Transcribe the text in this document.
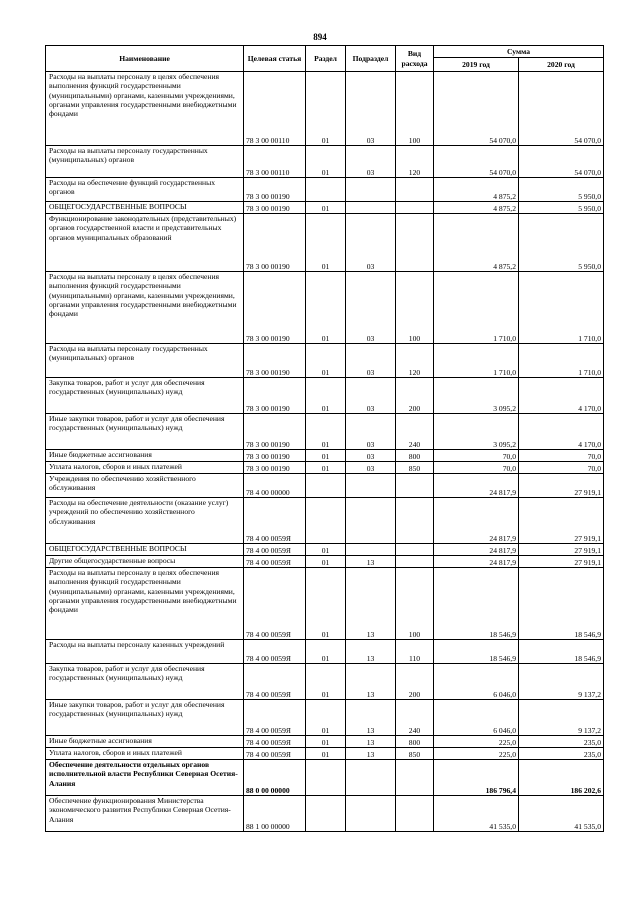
894
Наименование	Целевая статья	Раздел	Подраздел	Вид расхода	Сумма	
					2019 год	2020 год
Расходы на выплаты персоналу в целях обеспечения выполнения функций государственными (муниципальными) органами, казенными учреждениями, органами управления государственными внебюджетными фондами	78 3 00 00110	01	03	100	54 070,0	54 070,0
Расходы на выплаты персоналу государственных (муниципальных) органов	78 3 00 00110	01	03	120	54 070,0	54 070,0
Расходы на обеспечение функций государственных органов	78 3 00 00190				4 875,2	5 950,0
ОБЩЕГОСУДАРСТВЕННЫЕ ВОПРОСЫ	78 3 00 00190	01			4 875,2	5 950,0
Функционирование законодательных (представительных) органов государственной власти и представительных органов муниципальных образований	78 3 00 00190	01	03		4 875,2	5 950,0
Расходы на выплаты персоналу в целях обеспечения выполнения функций государственными (муниципальными) органами, казенными учреждениями, органами управления государственными внебюджетными фондами	78 3 00 00190	01	03	100	1 710,0	1 710,0
Расходы на выплаты персоналу государственных (муниципальных) органов	78 3 00 00190	01	03	120	1 710,0	1 710,0
Закупка товаров, работ и услуг для обеспечения государственных (муниципальных) нужд	78 3 00 00190	01	03	200	3 095,2	4 170,0
Иные закупки товаров, работ и услуг для обеспечения государственных (муниципальных) нужд	78 3 00 00190	01	03	240	3 095,2	4 170,0
Иные бюджетные ассигнования	78 3 00 00190	01	03	800	70,0	70,0
Уплата налогов, сборов и иных платежей	78 3 00 00190	01	03	850	70,0	70,0
Учреждения по обеспечению хозяйственного обслуживания	78 4 00 00000				24 817,9	27 919,1
Расходы на обеспечение деятельности (оказание услуг) учреждений по обеспечению хозяйственного обслуживания	78 4 00 0059Я				24 817,9	27 919,1
ОБЩЕГОСУДАРСТВЕННЫЕ ВОПРОСЫ	78 4 00 0059Я	01			24 817,9	27 919,1
Другие общегосударственные вопросы	78 4 00 0059Я	01	13		24 817,9	27 919,1
Расходы на выплаты персоналу в целях обеспечения выполнения функций государственными (муниципальными) органами, казенными учреждениями, органами управления государственными внебюджетными фондами	78 4 00 0059Я	01	13	100	18 546,9	18 546,9
Расходы на выплаты персоналу казенных учреждений	78 4 00 0059Я	01	13	110	18 546,9	18 546,9
Закупка товаров, работ и услуг для обеспечения государственных (муниципальных) нужд	78 4 00 0059Я	01	13	200	6 046,0	9 137,2
Иные закупки товаров, работ и услуг для обеспечения государственных (муниципальных) нужд	78 4 00 0059Я	01	13	240	6 046,0	9 137,2
Иные бюджетные ассигнования	78 4 00 0059Я	01	13	800	225,0	235,0
Уплата налогов, сборов и иных платежей	78 4 00 0059Я	01	13	850	225,0	235,0
Обеспечение деятельности отдельных органов исполнительной власти Республики Северная Осетия-Алания	88 0 00 00000				186 796,4	186 202,6
Обеспечение функционирования Министерства экономического развития Республики Северная Осетия-Алания	88 1 00 00000				41 535,0	41 535,0
